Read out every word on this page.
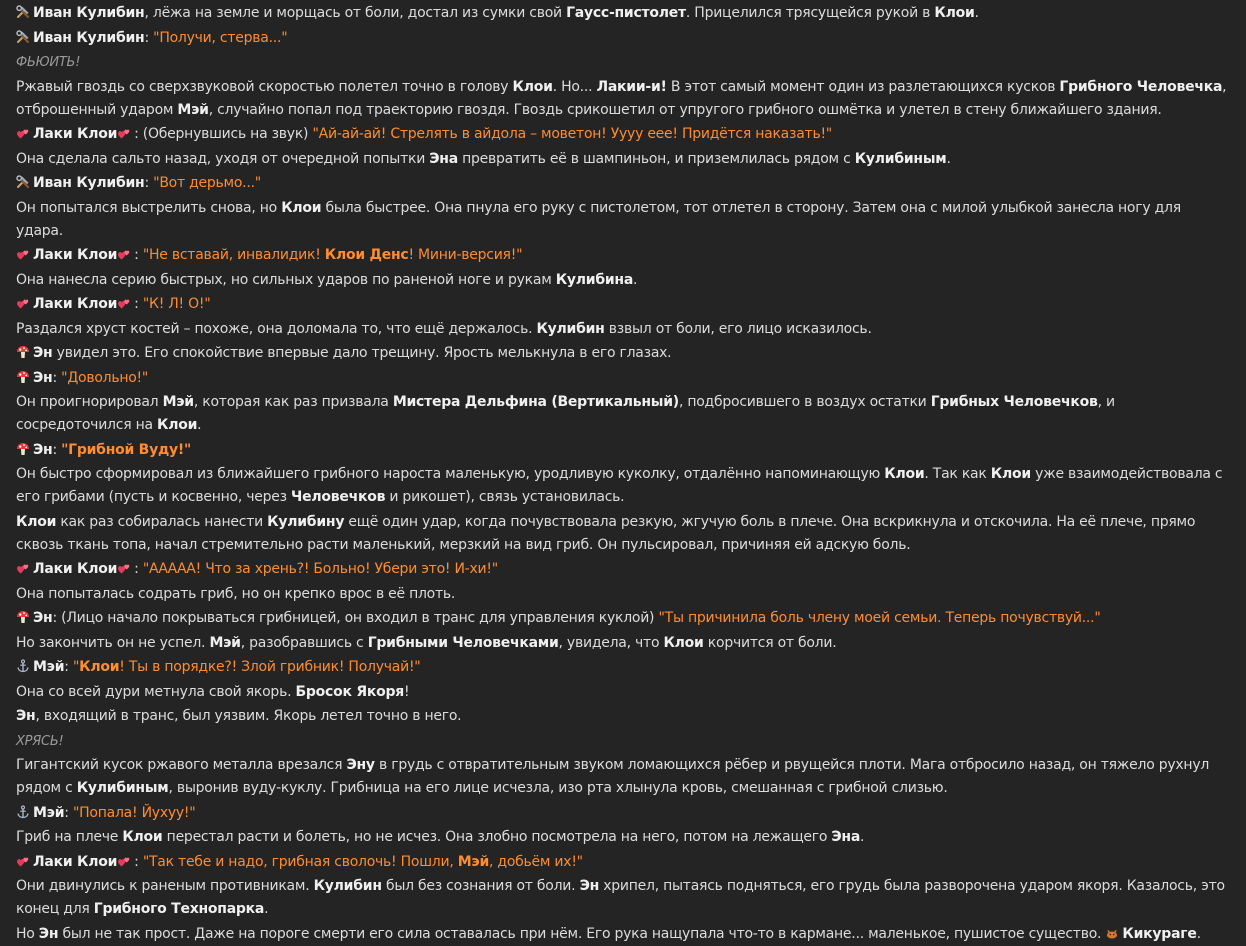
Иван Кулибин, лёжа на земле и морщась от боли, достал из сумки свой Гаусс-пистолет. Прицелился трясущейся рукой в Клои.
Иван Кулибин: "Получи, стерва..."
ФЬЮИТЬ!
Ржавый гвоздь со сверхзвуковой скоростью полетел точно в голову Клои. Но... Лакии-и! В этот самый момент один из разлетающихся кусков Грибного Человечка, отброшенный ударом Мэй, случайно попал под траекторию гвоздя. Гвоздь срикошетил от упругого грибного ошмётка и улетел в стену ближайшего здания.
Лаки Клои : (Обернувшись на звук) "Ай-ай-ай! Стрелять в айдола – моветон! Уууу еее! Придётся наказать!"
Она сделала сальто назад, уходя от очередной попытки Эна превратить её в шампиньон, и приземлилась рядом с Кулибиным.
Иван Кулибин: "Вот дерьмо..."
Он попытался выстрелить снова, но Клои была быстрее. Она пнула его руку с пистолетом, тот отлетел в сторону. Затем она с милой улыбкой занесла ногу для удара.
Лаки Клои : "Не вставай, инвалидик! Клои Денс! Мини-версия!"
Она нанесла серию быстрых, но сильных ударов по раненой ноге и рукам Кулибина.
Лаки Клои : "К! Л! О!"
Раздался хруст костей – похоже, она доломала то, что ещё держалось. Кулибин взвыл от боли, его лицо исказилось.
Эн увидел это. Его спокойствие впервые дало трещину. Ярость мелькнула в его глазах.
Эн: "Довольно!"
Он проигнорировал Мэй, которая как раз призвала Мистера Дельфина (Вертикальный), подбросившего в воздух остатки Грибных Человечков, и сосредоточился на Клои.
Эн: "Грибной Вуду!"
Он быстро сформировал из ближайшего грибного нароста маленькую, уродливую куколку, отдалённо напоминающую Клои. Так как Клои уже взаимодействовала с его грибами (пусть и косвенно, через Человечков и рикошет), связь установилась.
Клои как раз собиралась нанести Кулибину ещё один удар, когда почувствовала резкую, жгучую боль в плече. Она вскрикнула и отскочила. На её плече, прямо сквозь ткань топа, начал стремительно расти маленький, мерзкий на вид гриб. Он пульсировал, причиняя ей адскую боль.
Лаки Клои : "ААААА! Что за хрень?! Больно! Убери это! И-хи!"
Она попыталась содрать гриб, но он крепко врос в её плоть.
Эн: (Лицо начало покрываться грибницей, он входил в транс для управления куклой) "Ты причинила боль члену моей семьи. Теперь почувствуй..."
Но закончить он не успел. Мэй, разобравшись с Грибными Человечками, увидела, что Клои корчится от боли.
Мэй: "Клои! Ты в порядке?! Злой грибник! Получай!"
Она со всей дури метнула свой якорь. Бросок Якоря!
Эн, входящий в транс, был уязвим. Якорь летел точно в него.
ХРЯСЬ!
Гигантский кусок ржавого металла врезался Эну в грудь с отвратительным звуком ломающихся рёбер и рвущейся плоти. Мага отбросило назад, он тяжело рухнул рядом с Кулибиным, выронив вуду-куклу. Грибница на его лице исчезла, изо рта хлынула кровь, смешанная с грибной слизью.
Мэй: "Попала! Йухуу!"
Гриб на плече Клои перестал расти и болеть, но не исчез. Она злобно посмотрела на него, потом на лежащего Эна.
Лаки Клои : "Так тебе и надо, грибная сволочь! Пошли, Мэй, добьём их!"
Они двинулись к раненым противникам. Кулибин был без сознания от боли. Эн хрипел, пытаясь подняться, его грудь была разворочена ударом якоря. Казалось, это конец для Грибного Технопарка.
Но Эн был не так прост. Даже на пороге смерти его сила оставалась при нём. Его рука нащупала что-то в кармане... маленькое, пушистое существо.
Кикураге.
